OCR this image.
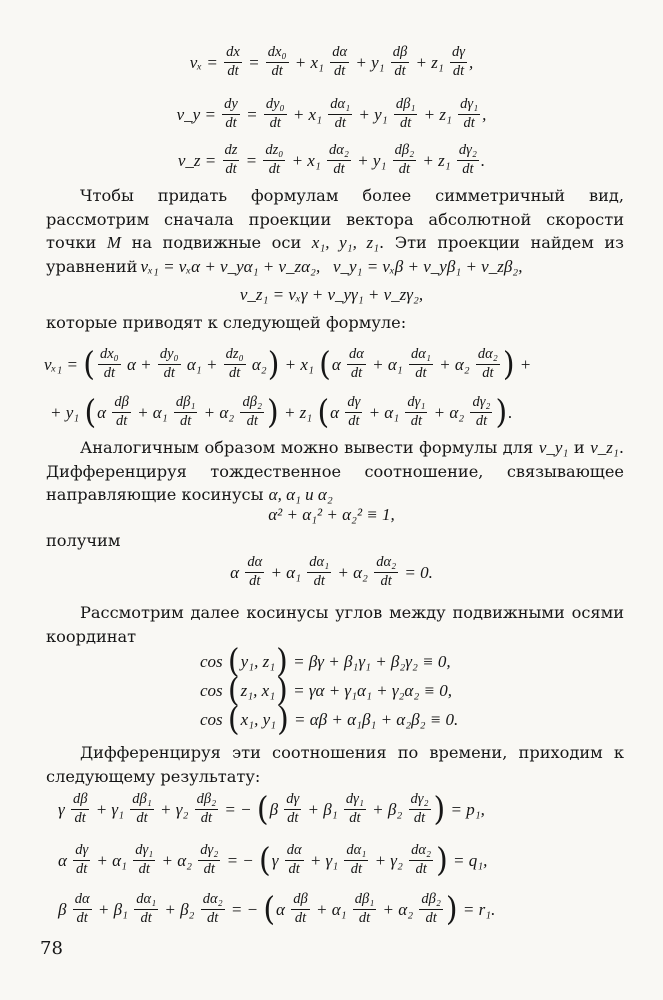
$v_x = \frac{dx}{dt} = \frac{\text{dx₀}}{dt} + x_1 \frac{d\alpha}{dt} + y_1 \frac{d\beta}{dt} + z_1 \frac{d\gamma}{dt}$ ,
v_y = $\frac{dy}{dt} = \frac{\text{dy₀}}{dt} + x_1 \frac{\text{dα₁}}{dt} + y_1 \frac{\text{dβ₁}}{dt} + z_1 \frac{\text{dγ₁}}{dt}$ ,
v_z = $\frac{dz}{dt} = \frac{\text{dz₀}}{dt} + x_1 \frac{\text{dα₂}}{dt} + y_1 \frac{\text{dβ₂}}{dt} + z_1 \frac{\text{dγ₂}}{dt}$ .
Чтобы придать формулам более симметричный вид, рассмотрим сначала проекции вектора абсолютной скорости точки M на подвижные оси x₁, y₁, z₁. Эти проекции найдем из уравнений vₓ₁ = vₓα + v_yα₁ + v_zα₂,   v_y₁ = vₓβ + v_yβ₁ + v_zβ₂,
v_z₁ = vₓγ + v_yγ₁ + v_zγ₂,
которые приводят к следующей формуле:
vₓ₁ = ( $\frac{\text{dx₀}}{dt}$ $\alpha + \frac{\text{dy₀}}{dt} \alpha_1 + \frac{\text{dz₀}}{dt} \alpha_2$ ) + x₁ ( α $\frac{d\alpha}{dt} + \alpha_1 \frac{\text{dα₁}}{dt} + \alpha_2 \frac{\text{dα₂}}{dt}$ ) +
+ y₁ ( α $\frac{d\beta}{dt} + \alpha_1 \frac{\text{dβ₁}}{dt} + \alpha_2 \frac{\text{dβ₂}}{dt}$ ) + z₁ ( α $\frac{d\gamma}{dt} + \alpha_1 \frac{\text{dγ₁}}{dt} + \alpha_2 \frac{\text{dγ₂}}{dt}$ ) .
Аналогичным образом можно вывести формулы для v_y₁ и v_z₁. Дифференцируя тождественное соотношение, связывающее направляющие косинусы α, α₁ и α₂
α² + α₁² + α₂² ≡ 1,
получим
α $\frac{d\alpha}{dt} + \alpha_1 \frac{\text{dα₁}}{dt} + \alpha_2 \frac{\text{dα₂}}{dt} = 0$.
Рассмотрим далее косинусы углов между подвижными осями координат
cos ( y₁, z₁ ) = βγ + β₁γ₁ + β₂γ₂ ≡ 0,
cos ( z₁, x₁ ) = γα + γ₁α₁ + γ₂α₂ ≡ 0,
cos ( x₁, y₁ ) = αβ + α₁β₁ + α₂β₂ ≡ 0.
Дифференцируя эти соотношения по времени, приходим к следующему результату:
γ $\frac{d\beta}{dt} + \gamma_1 \frac{\text{dβ₁}}{dt} + \gamma_2 \frac{\text{dβ₂}}{dt}$ = − ( β $\frac{d\gamma}{dt} + \beta_1 \frac{\text{dγ₁}}{dt} + \beta_2 \frac{\text{dγ₂}}{dt}$ ) = p₁,
α $\frac{d\gamma}{dt} + \alpha_1 \frac{\text{dγ₁}}{dt} + \alpha_2 \frac{\text{dγ₂}}{dt}$ = − ( γ $\frac{d\alpha}{dt} + \gamma_1 \frac{\text{dα₁}}{dt} + \gamma_2 \frac{\text{dα₂}}{dt}$ ) = q₁,
β $\frac{d\alpha}{dt} + \beta_1 \frac{\text{dα₁}}{dt} + \beta_2 \frac{\text{dα₂}}{dt}$ = − ( α $\frac{d\beta}{dt} + \alpha_1 \frac{\text{dβ₁}}{dt} + \alpha_2 \frac{\text{dβ₂}}{dt}$ ) = r₁.
78
